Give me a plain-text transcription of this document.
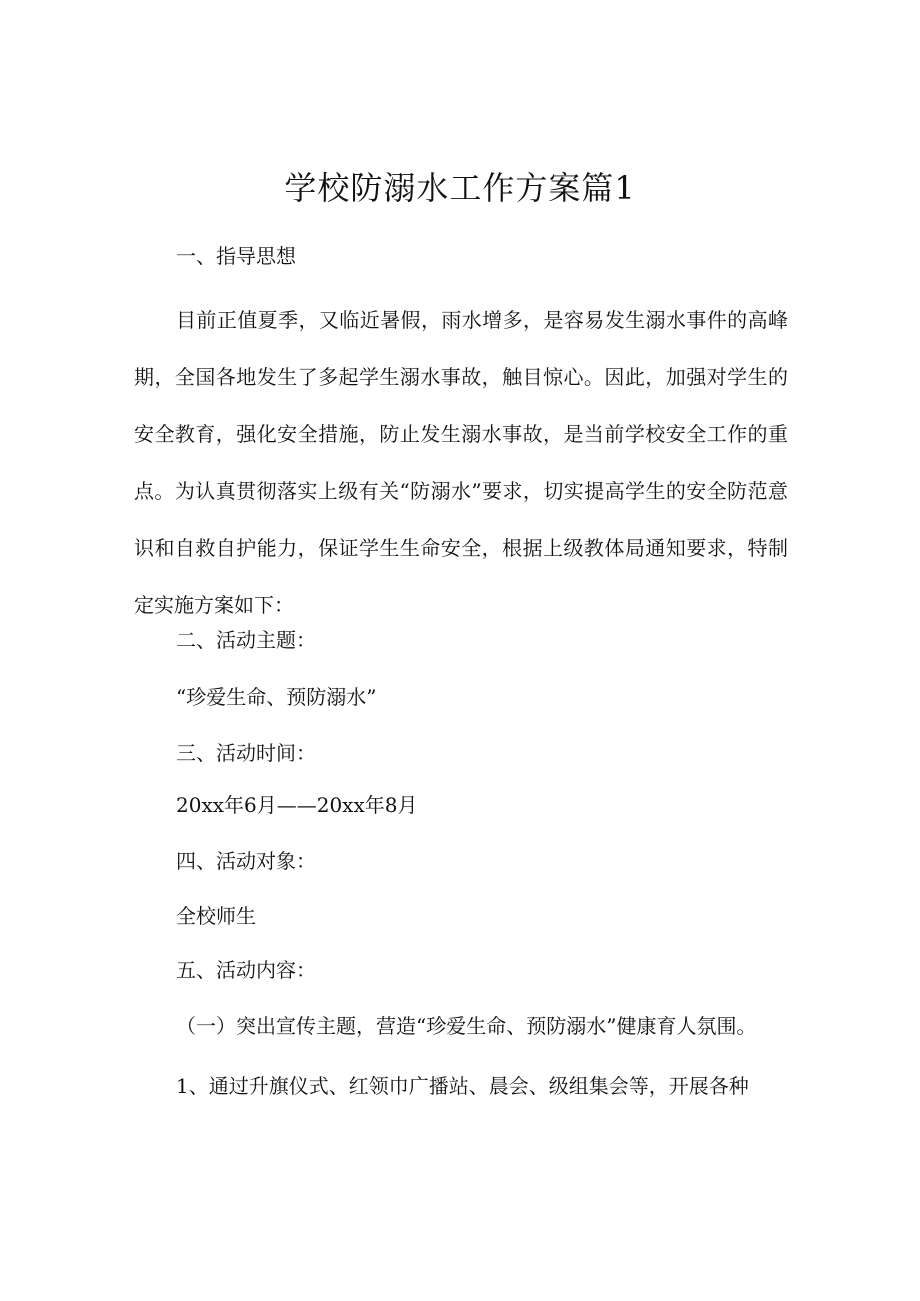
学校防溺水工作方案篇1
一、指导思想
目前正值夏季，又临近暑假，雨水增多，是容易发生溺水事件的高峰期，全国各地发生了多起学生溺水事故，触目惊心。因此，加强对学生的安全教育，强化安全措施，防止发生溺水事故，是当前学校安全工作的重点。为认真贯彻落实上级有关“防溺水”要求，切实提高学生的安全防范意识和自救自护能力，保证学生生命安全，根据上级教体局通知要求，特制定实施方案如下：
二、活动主题：
“珍爱生命、预防溺水”
三、活动时间：
20xx年6月——20xx年8月
四、活动对象：
全校师生
五、活动内容：
（一）突出宣传主题，营造“珍爱生命、预防溺水”健康育人氛围。
1、通过升旗仪式、红领巾广播站、晨会、级组集会等，开展各种
